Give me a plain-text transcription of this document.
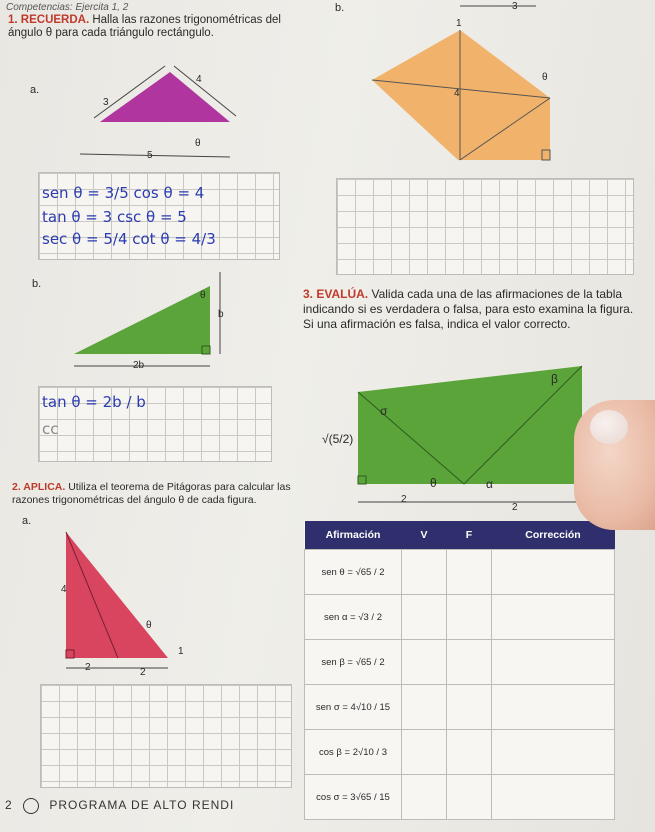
Competencias: Ejercita 1, 2
1. RECUERDA. Halla las razones trigonométricas del ángulo θ para cada triángulo rectángulo.
a.
3
4
θ
5
sen θ = 3/5 cos θ = 4
tan θ = 3 csc θ = 5
sec θ = 5/4 cot θ = 4/3
b.
θ
b
2b
tan θ = 2b / b
cc
b.	3
1
4
θ
3. EVALÚA. Valida cada una de las afirmaciones de la tabla indicando si es verdadera o falsa, para esto examina la figura. Si una afirmación es falsa, indica el valor correcto.
β
σ
θ	α
√(5/2)
2
2
2. APLICA. Utiliza el teorema de Pitágoras para calcular las razones trigonométricas del ángulo θ de cada figura.
a.
4
θ
1
2	2
Afirmación	V	F	Corrección
sen θ = √65 / 2			
sen α = √3 / 2			
sen β = √65 / 2			
sen σ = 4√10 / 15			
cos β = 2√10 / 3			
cos σ = 3√65 / 15			
2	PROGRAMA DE ALTO RENDI
